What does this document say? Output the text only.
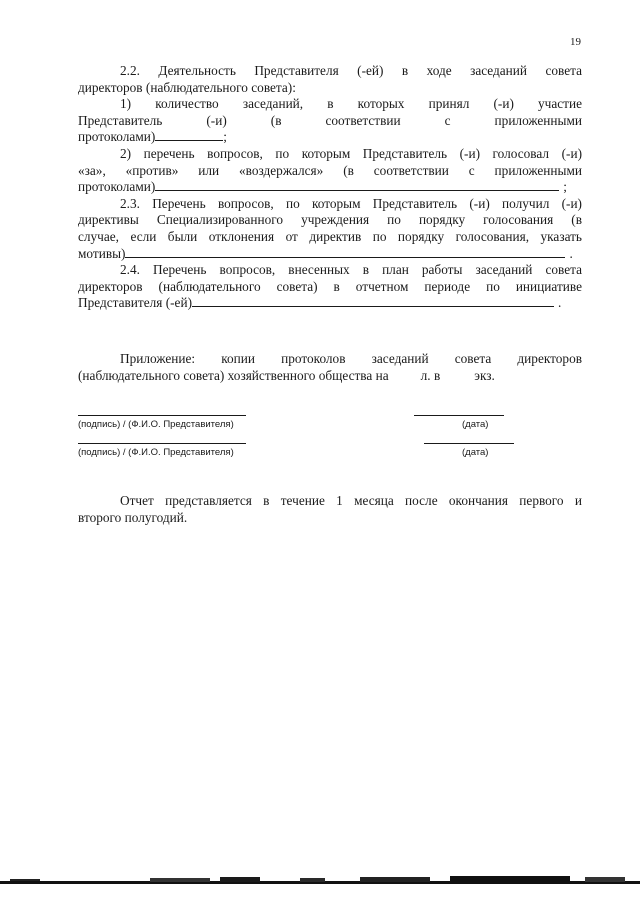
19
2.2. Деятельность Представителя (-ей) в ходе заседаний совета
директоров (наблюдательного совета):
1) количество заседаний, в которых принял (-и) участие
Представитель (-и) (в соответствии с приложенными
протоколами)	;
2) перечень вопросов, по которым Представитель (-и) голосовал (-и)
«за», «против» или «воздержался» (в соответствии с приложенными
протоколами)	;
2.3. Перечень вопросов, по которым Представитель (-и) получил (-и)
директивы Специализированного учреждения по порядку голосования (в
случае, если были отклонения от директив по порядку голосования, указать
мотивы)	.
2.4. Перечень вопросов, внесенных в план работы заседаний совета
директоров (наблюдательного совета) в отчетном периоде по инициативе
Представителя (-ей)	.
Приложение: копии протоколов заседаний совета директоров
(наблюдательного совета) хозяйственного общества на л. в	экз.
(подпись) / (Ф.И.О. Представителя)	(дата)
(подпись) / (Ф.И.О. Представителя)	(дата)
Отчет представляется в течение 1 месяца после окончания первого и
второго полугодий.
